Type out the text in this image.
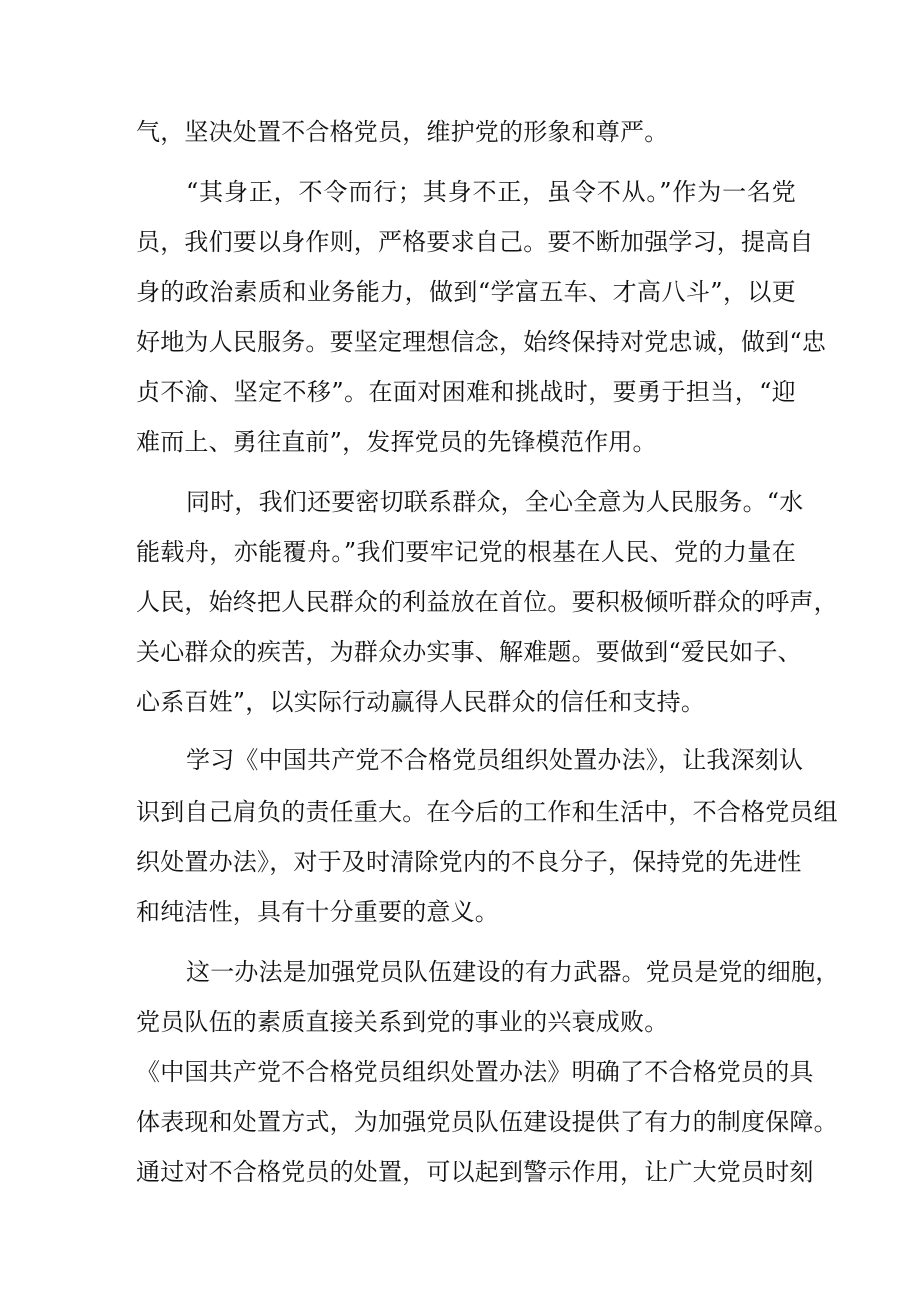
气，坚决处置不合格党员，维护党的形象和尊严。
“其身正，不令而行；其身不正，虽令不从。”作为一名党
员，我们要以身作则，严格要求自己。要不断加强学习，提高自
身的政治素质和业务能力，做到“学富五车、才高八斗”，以更
好地为人民服务。要坚定理想信念，始终保持对党忠诚，做到“忠
贞不渝、坚定不移”。在面对困难和挑战时，要勇于担当，“迎
难而上、勇往直前”，发挥党员的先锋模范作用。
同时，我们还要密切联系群众，全心全意为人民服务。“水
能载舟，亦能覆舟。”我们要牢记党的根基在人民、党的力量在
人民，始终把人民群众的利益放在首位。要积极倾听群众的呼声，
关心群众的疾苦，为群众办实事、解难题。要做到“爱民如子、
心系百姓”，以实际行动赢得人民群众的信任和支持。
学习《中国共产党不合格党员组织处置办法》，让我深刻认
识到自己肩负的责任重大。在今后的工作和生活中，不合格党员组
织处置办法》，对于及时清除党内的不良分子，保持党的先进性
和纯洁性，具有十分重要的意义。
这一办法是加强党员队伍建设的有力武器。党员是党的细胞，
党员队伍的素质直接关系到党的事业的兴衰成败。
《中国共产党不合格党员组织处置办法》明确了不合格党员的具
体表现和处置方式，为加强党员队伍建设提供了有力的制度保障。
通过对不合格党员的处置，可以起到警示作用，让广大党员时刻
